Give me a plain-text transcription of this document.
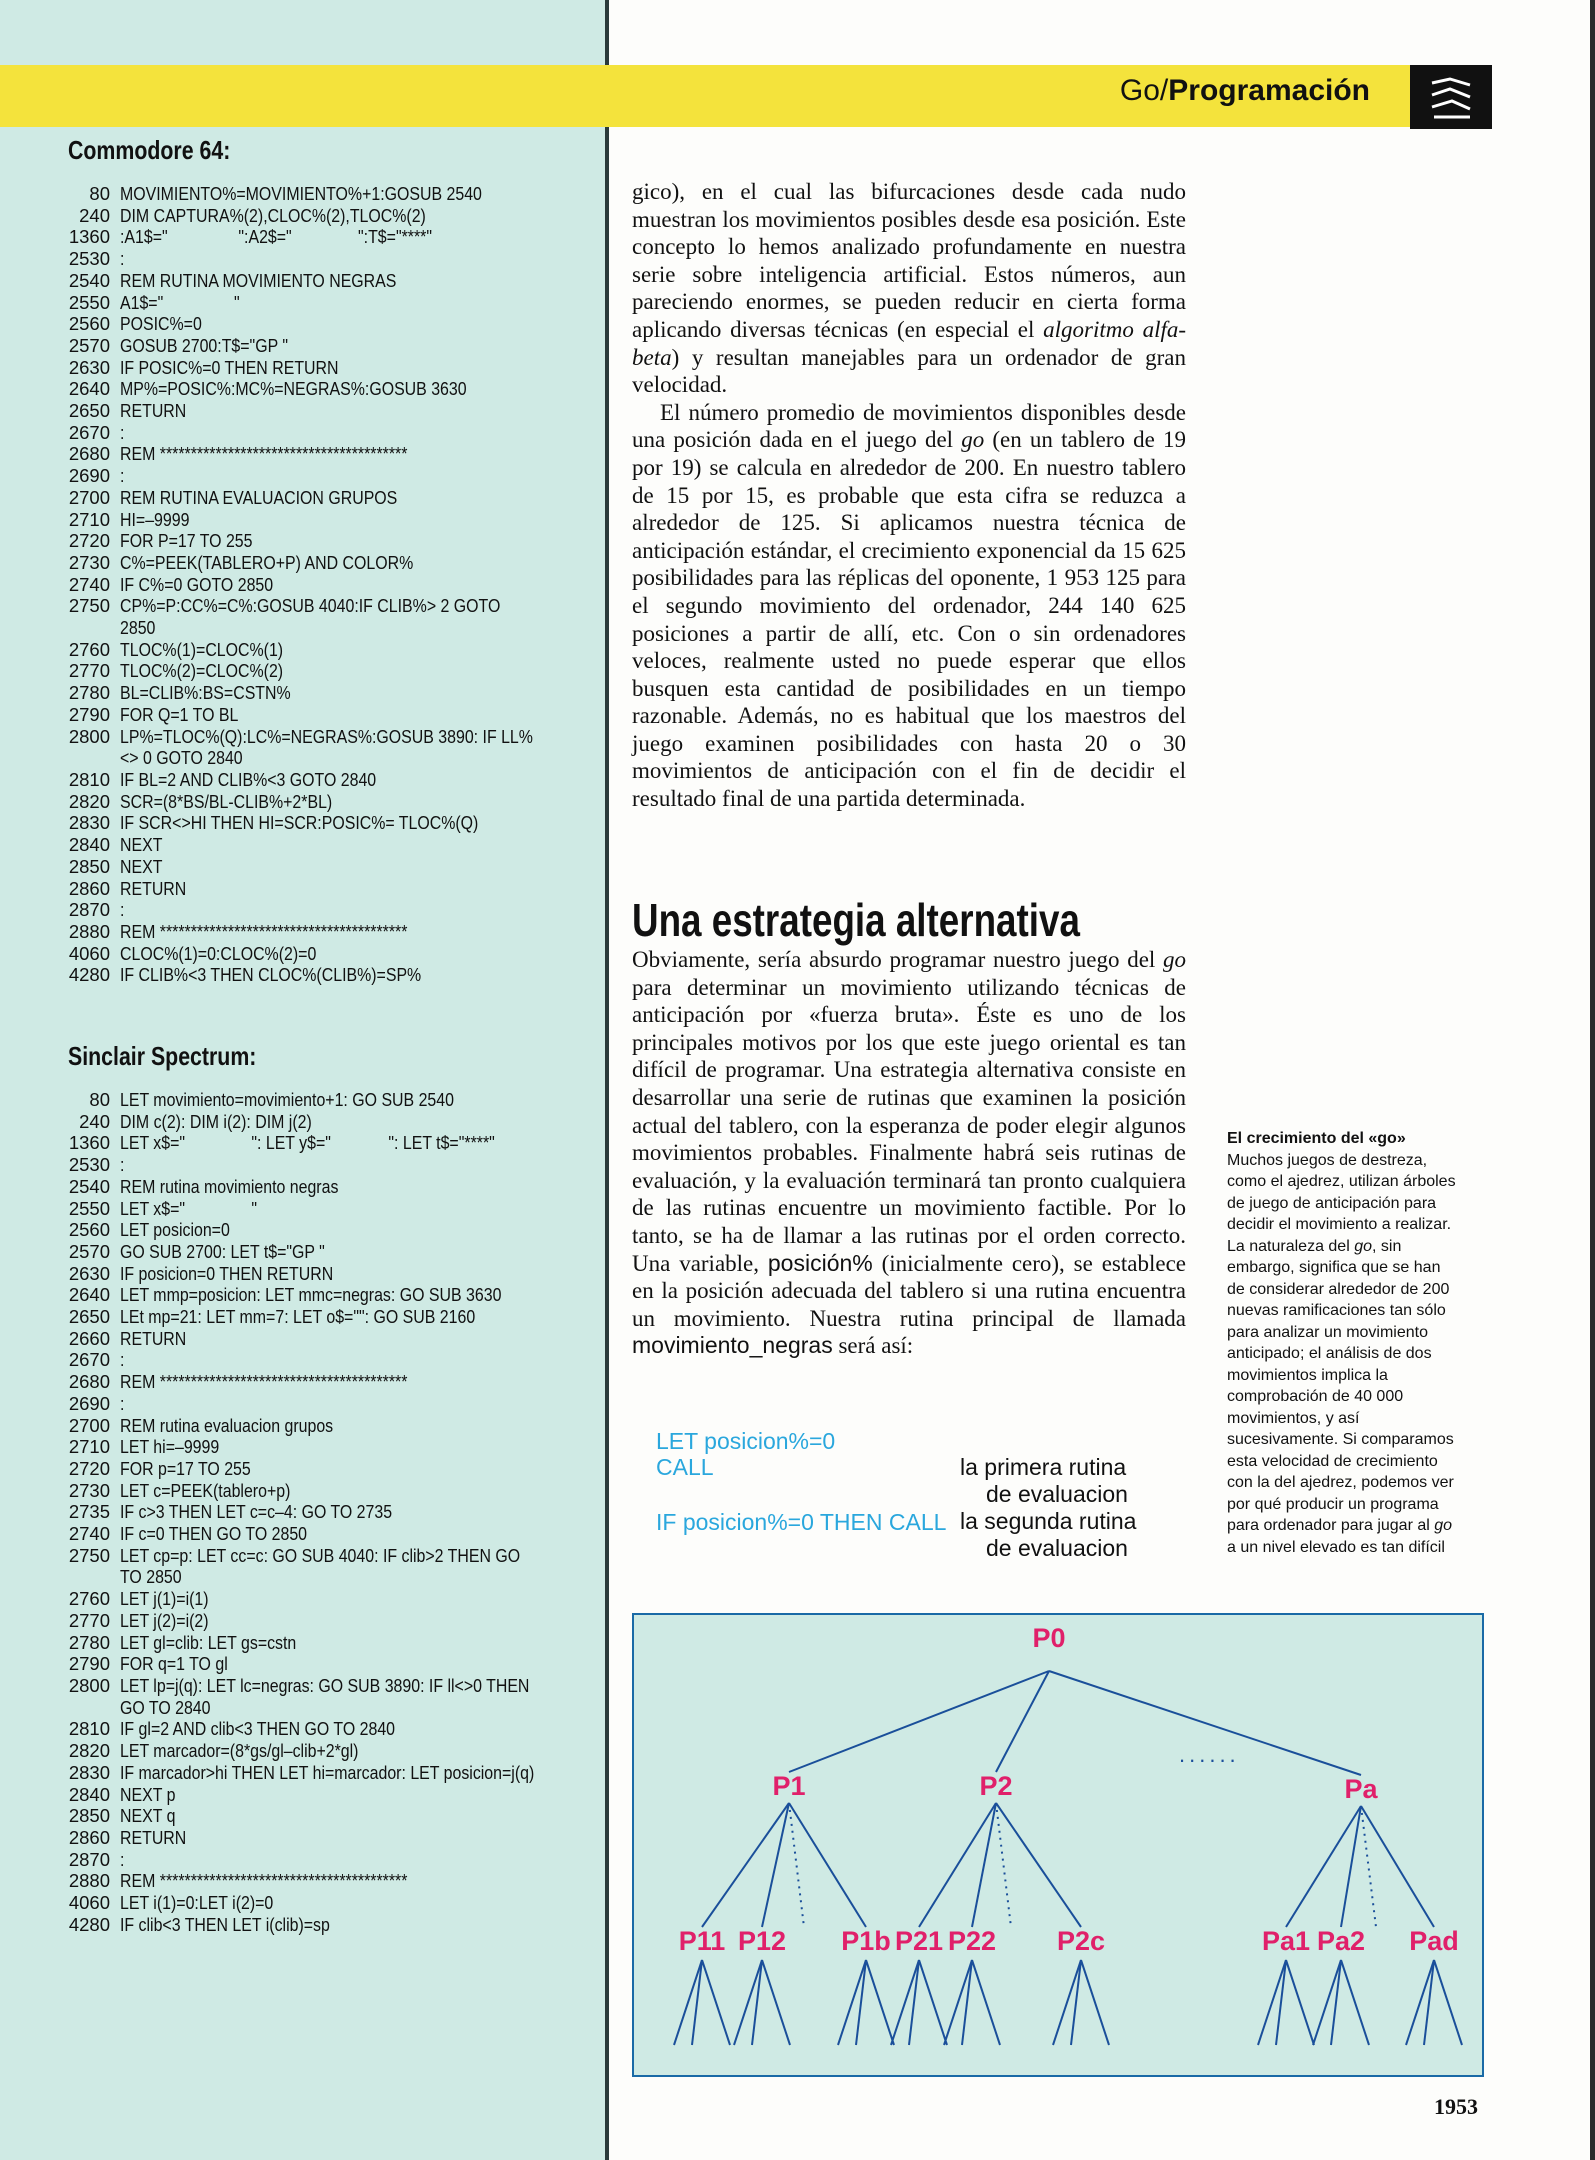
Go/Programación
Commodore 64:
80 MOVIMIENTO%=MOVIMIENTO%+1:GOSUB 2540
240 DIM CAPTURA%(2),CLOC%(2),TLOC%(2)
1360 :A1$="                ":A2$="               ":T$="****"
2530 :
2540 REM RUTINA MOVIMIENTO NEGRAS
2550 A1$="                "
2560 POSIC%=0
2570 GOSUB 2700:T$="GP "
2630 IF POSIC%=0 THEN RETURN
2640 MP%=POSIC%:MC%=NEGRAS%:GOSUB 3630
2650 RETURN
2670 :
2680 REM ****************************************
2690 :
2700 REM RUTINA EVALUACION GRUPOS
2710 HI=–9999
2720 FOR P=17 TO 255
2730 C%=PEEK(TABLERO+P) AND COLOR%
2740 IF C%=0 GOTO 2850
2750 CP%=P:CC%=C%:GOSUB 4040:IF CLIB%> 2 GOTO 2850
2760 TLOC%(1)=CLOC%(1)
2770 TLOC%(2)=CLOC%(2)
2780 BL=CLIB%:BS=CSTN%
2790 FOR Q=1 TO BL
2800 LP%=TLOC%(Q):LC%=NEGRAS%:GOSUB 3890: IF LL%<> 0 GOTO 2840
2810 IF BL=2 AND CLIB%<3 GOTO 2840
2820 SCR=(8*BS/BL-CLIB%+2*BL)
2830 IF SCR<>HI THEN HI=SCR:POSIC%= TLOC%(Q)
2840 NEXT
2850 NEXT
2860 RETURN
2870 :
2880 REM ****************************************
4060 CLOC%(1)=0:CLOC%(2)=0
4280 IF CLIB%<3 THEN CLOC%(CLIB%)=SP%
Sinclair Spectrum:
80 LET movimiento=movimiento+1: GO SUB 2540
240 DIM c(2): DIM i(2): DIM j(2)
1360 LET x$="               ": LET y$="             ": LET t$="****"
2530 :
2540 REM rutina movimiento negras
2550 LET x$="               "
2560 LET posicion=0
2570 GO SUB 2700: LET t$="GP "
2630 IF posicion=0 THEN RETURN
2640 LET mmp=posicion: LET mmc=negras: GO SUB 3630
2650 LEt mp=21: LET mm=7: LET o$="": GO SUB 2160
2660 RETURN
2670 :
2680 REM ****************************************
2690 :
2700 REM rutina evaluacion grupos
2710 LET hi=–9999
2720 FOR p=17 TO 255
2730 LET c=PEEK(tablero+p)
2735 IF c>3 THEN LET c=c–4: GO TO 2735
2740 IF c=0 THEN GO TO 2850
2750 LET cp=p: LET cc=c: GO SUB 4040: IF clib>2 THEN GO TO 2850
2760 LET j(1)=i(1)
2770 LET j(2)=i(2)
2780 LET gl=clib: LET gs=cstn
2790 FOR q=1 TO gl
2800 LET lp=j(q): LET lc=negras: GO SUB 3890: IF ll<>0 THEN GO TO 2840
2810 IF gl=2 AND clib<3 THEN GO TO 2840
2820 LET marcador=(8*gs/gl–clib+2*gl)
2830 IF marcador>hi THEN LET hi=marcador: LET posicion=j(q)
2840 NEXT p
2850 NEXT q
2860 RETURN
2870 :
2880 REM ****************************************
4060 LET i(1)=0:LET i(2)=0
4280 IF clib<3 THEN LET i(clib)=sp

gico), en el cual las bifurcaciones desde cada nudo muestran los movimientos posibles desde esa posición. Este concepto lo hemos analizado profundamente en nuestra serie sobre inteligencia artificial. Estos números, aun pareciendo enormes, se pueden reducir en cierta forma aplicando diversas técnicas (en especial el algoritmo alfa-beta) y resultan manejables para un ordenador de gran velocidad.

El número promedio de movimientos disponibles desde una posición dada en el juego del go (en un tablero de 19 por 19) se calcula en alrededor de 200. En nuestro tablero de 15 por 15, es probable que esta cifra se reduzca a alrededor de 125. Si aplicamos nuestra técnica de anticipación estándar, el crecimiento exponencial da 15 625 posibilidades para las réplicas del oponente, 1 953 125 para el segundo movimiento del ordenador, 244 140 625 posiciones a partir de allí, etc. Con o sin ordenadores veloces, realmente usted no puede esperar que ellos busquen esta cantidad de posibilidades en un tiempo razonable. Además, no es habitual que los maestros del juego examinen posibilidades con hasta 20 o 30 movimientos de anticipación con el fin de decidir el resultado final de una partida determinada.

Una estrategia alternativa

Obviamente, sería absurdo programar nuestro juego del go para determinar un movimiento utilizando técnicas de anticipación por «fuerza bruta». Éste es uno de los principales motivos por los que este juego oriental es tan difícil de programar. Una estrategia alternativa consiste en desarrollar una serie de rutinas que examinen la posición actual del tablero, con la esperanza de poder elegir algunos movimientos probables. Finalmente habrá seis rutinas de evaluación, y la evaluación terminará tan pronto cualquiera de las rutinas encuentre un movimiento factible. Por lo tanto, se ha de llamar a las rutinas por el orden correcto. Una variable, posición% (inicialmente cero), se establece en la posición adecuada del tablero si una rutina encuentra un movimiento. Nuestra rutina principal de llamada movimiento_negras será así:

LET posicion%=0
CALL
IF posicion%=0 THEN CALL
la primera rutina
de evaluacion
la segunda rutina
de evaluacion
El crecimiento del «go»
Muchos juegos de destreza, como el ajedrez, utilizan árboles de juego de anticipación para decidir el movimiento a realizar. La naturaleza del go, sin embargo, significa que se han de considerar alrededor de 200 nuevas ramificaciones tan sólo para analizar un movimiento anticipado; el análisis de dos movimientos implica la comprobación de 40 000 movimientos, y así sucesivamente. Si comparamos esta velocidad de crecimiento con la del ajedrez, podemos ver por qué producir un programa para ordenador para jugar al go a un nivel elevado es tan difícil
P0
......
P1	P2	Pa
P11 P12 P1b P21 P22 P2c	Pa1 Pa2 Pad
1953
